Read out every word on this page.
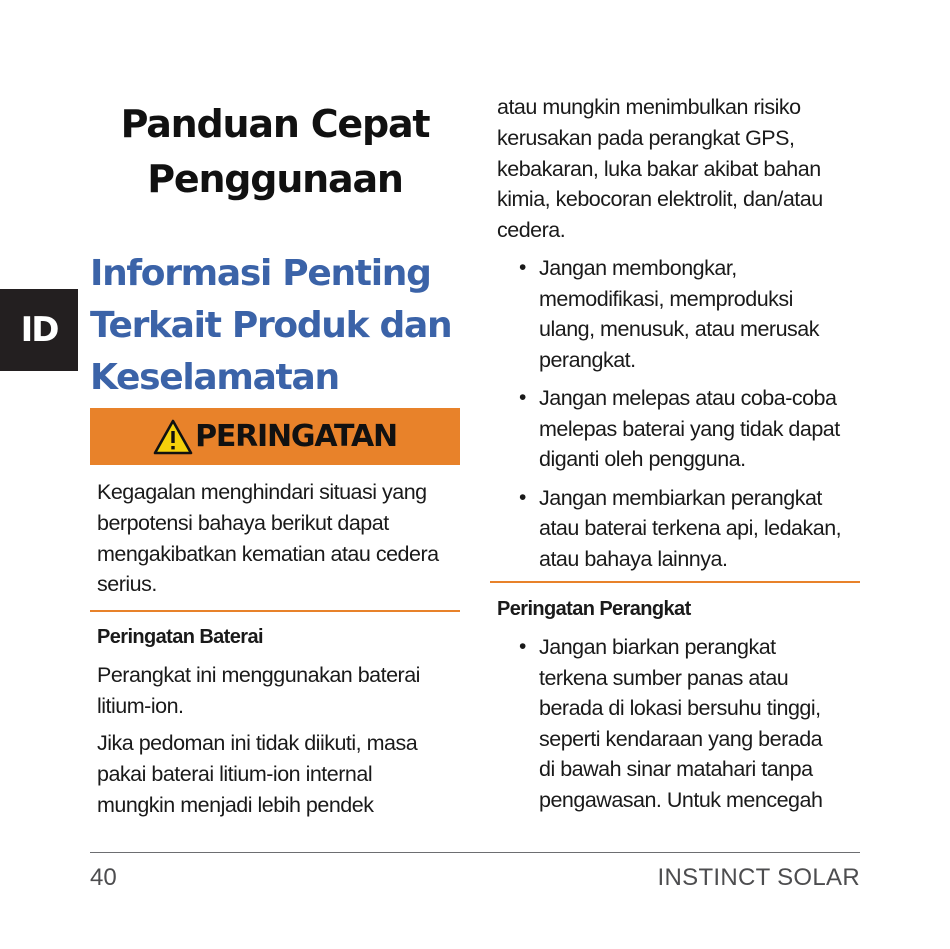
ID
Panduan Cepat
Penggunaan
Informasi Penting
Terkait Produk dan
Keselamatan
PERINGATAN

Kegagalan menghindari situasi yang
berpotensi bahaya berikut dapat
mengakibatkan kematian atau cedera
serius.

Peringatan Baterai

Perangkat ini menggunakan baterai
litium-ion.

Jika pedoman ini tidak diikuti, masa
pakai baterai litium-ion internal
mungkin menjadi lebih pendek

atau mungkin menimbulkan risiko
kerusakan pada perangkat GPS,
kebakaran, luka bakar akibat bahan
kimia, kebocoran elektrolit, dan/atau
cedera.

• Jangan membongkar,
memodifikasi, memproduksi
ulang, menusuk, atau merusak
perangkat.
• Jangan melepas atau coba-coba
melepas baterai yang tidak dapat
diganti oleh pengguna.
• Jangan membiarkan perangkat
atau baterai terkena api, ledakan,
atau bahaya lainnya.
Peringatan Perangkat
• Jangan biarkan perangkat
terkena sumber panas atau
berada di lokasi bersuhu tinggi,
seperti kendaraan yang berada
di bawah sinar matahari tanpa
pengawasan. Untuk mencegah
40	INSTINCT SOLAR
